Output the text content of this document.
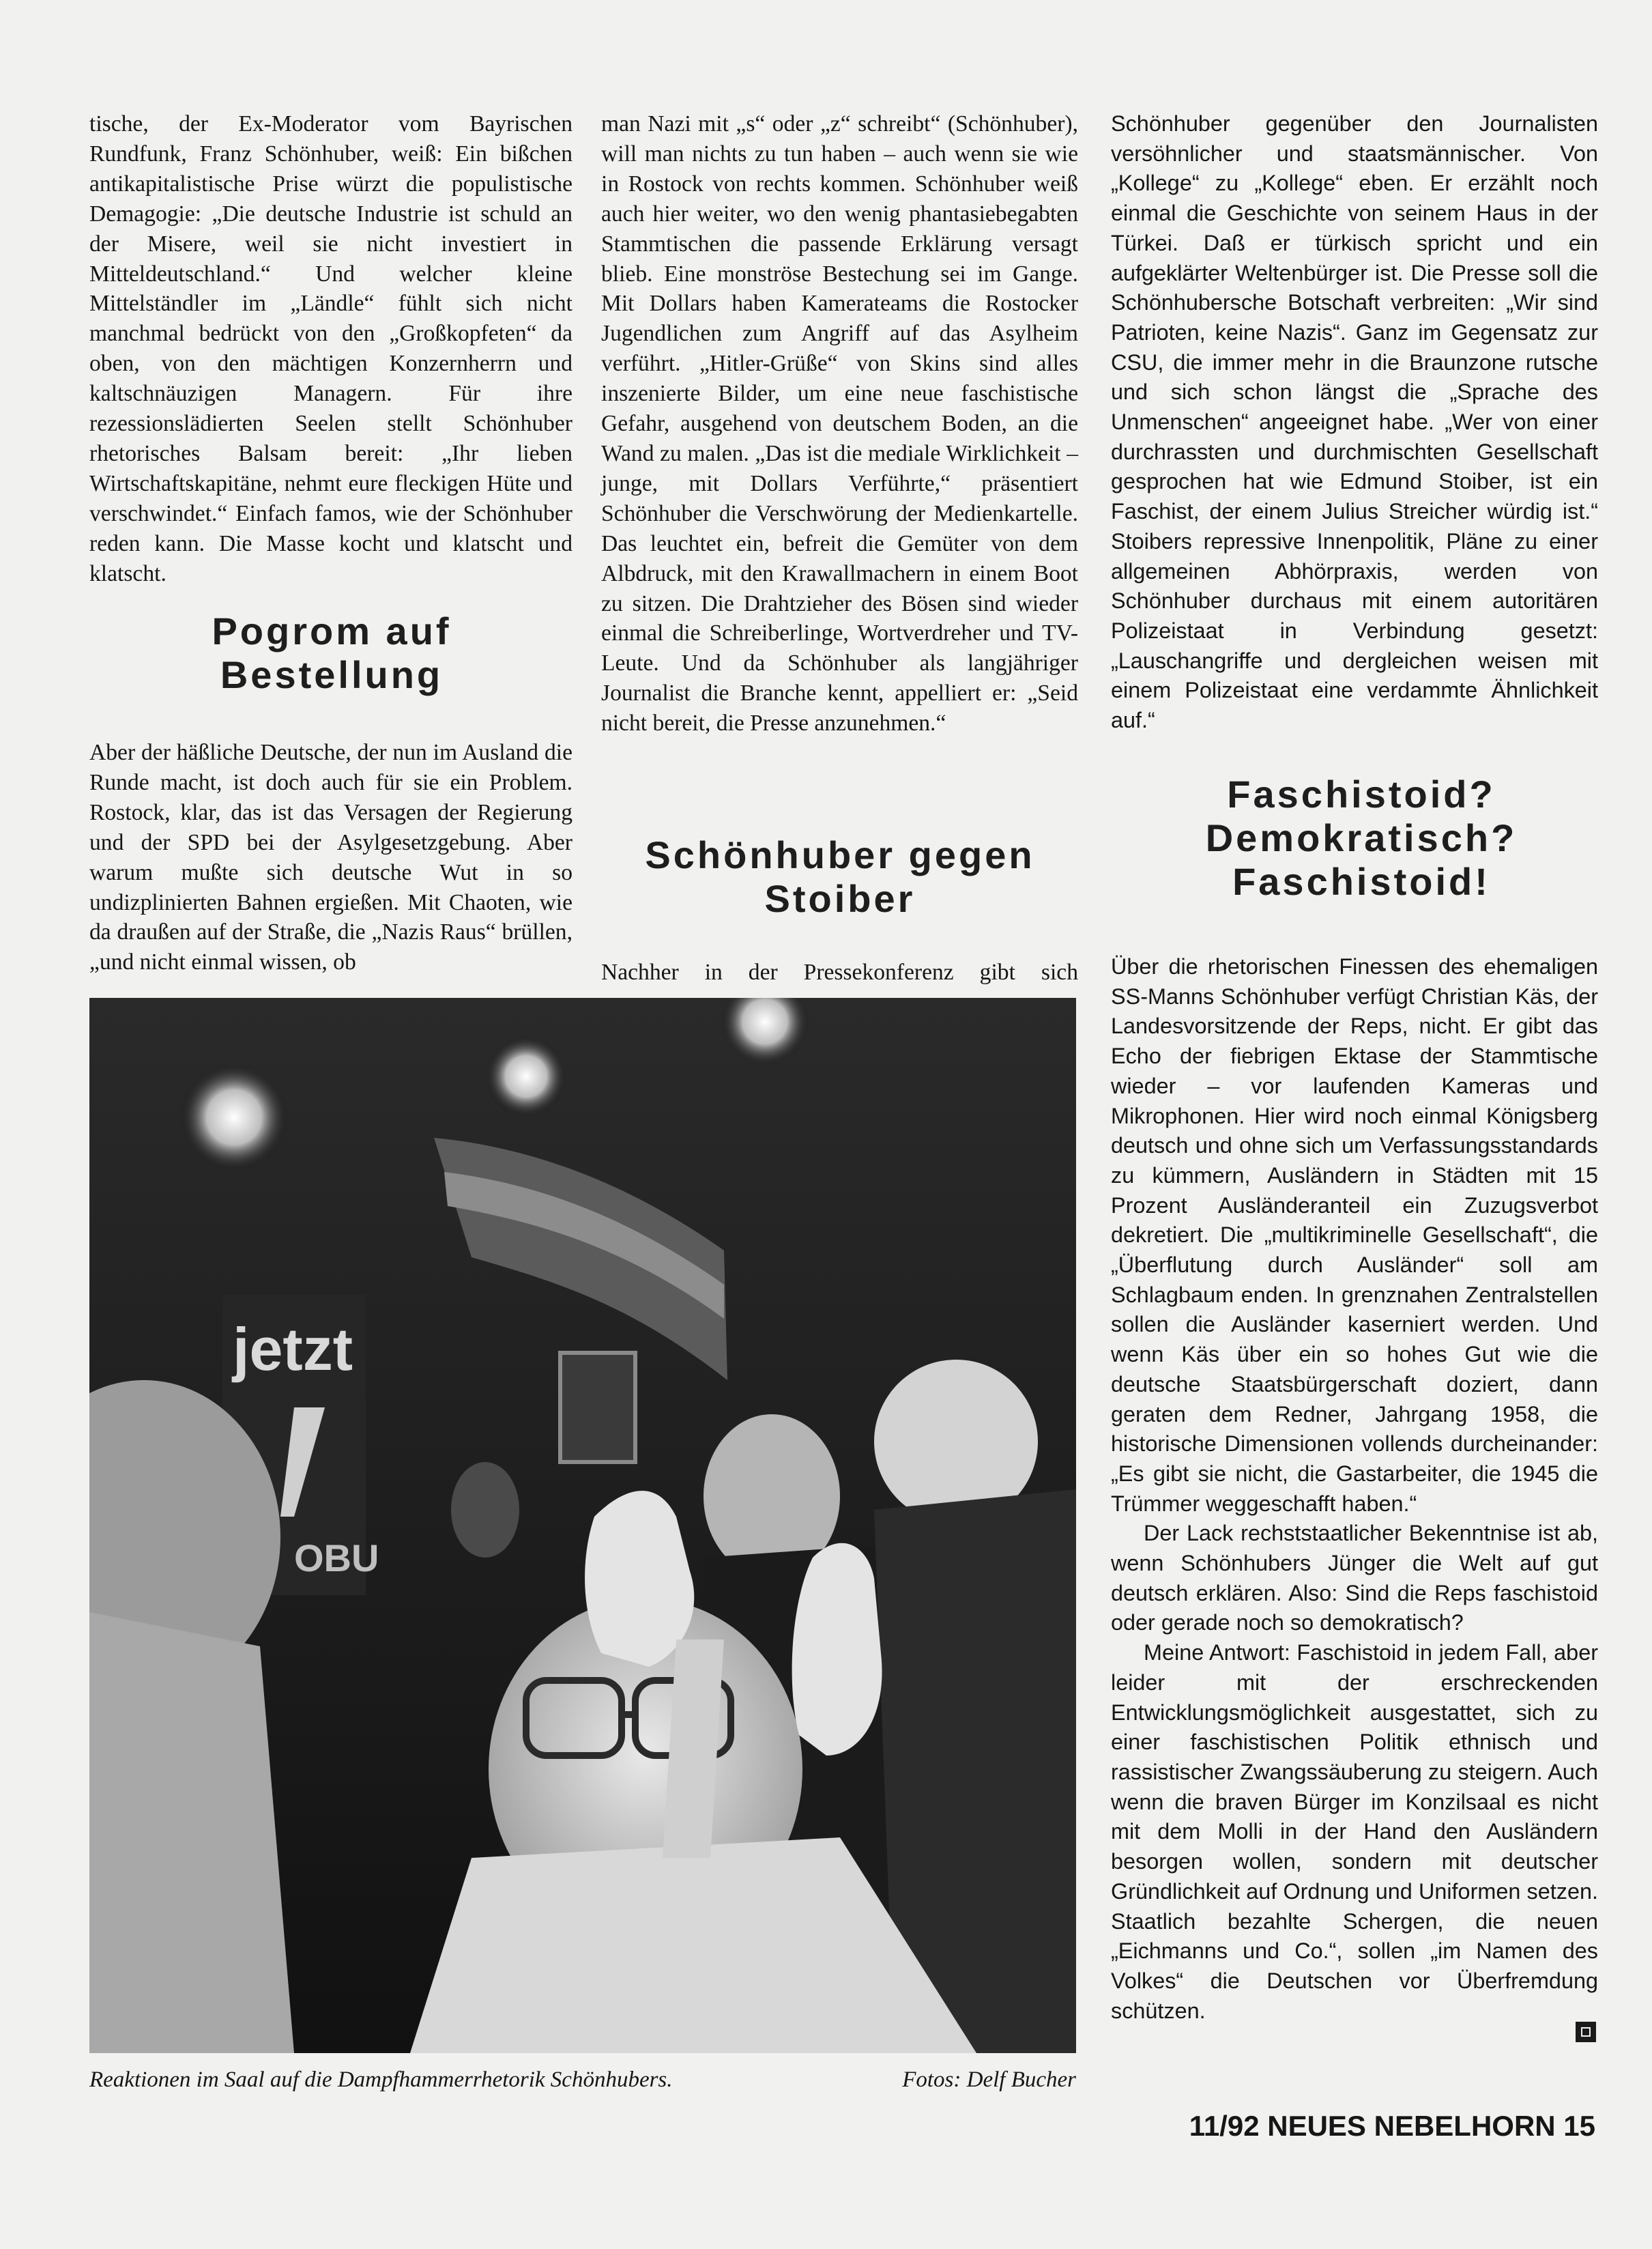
tische, der Ex-Moderator vom Bayrischen Rundfunk, Franz Schönhuber, weiß: Ein bißchen antikapitalistische Prise würzt die populistische Demagogie: „Die deutsche Industrie ist schuld an der Misere, weil sie nicht investiert in Mitteldeutschland.“ Und welcher kleine Mittelständler im „Ländle“ fühlt sich nicht manchmal bedrückt von den „Großkopfeten“ da oben, von den mächtigen Konzernherrn und kaltschnäuzigen Managern. Für ihre rezessionslädierten Seelen stellt Schönhuber rhetorisches Balsam bereit: „Ihr lieben Wirtschaftskapitäne, nehmt eure fleckigen Hüte und verschwindet.“ Einfach famos, wie der Schönhuber reden kann. Die Masse kocht und klatscht und klatscht.

Pogrom auf Bestellung

Aber der häßliche Deutsche, der nun im Ausland die Runde macht, ist doch auch für sie ein Problem. Rostock, klar, das ist das Versagen der Regierung und der SPD bei der Asylgesetzgebung. Aber warum mußte sich deutsche Wut in so undizplinierten Bahnen ergießen. Mit Chaoten, wie da draußen auf der Straße, die „Nazis Raus“ brüllen, „und nicht einmal wissen, ob

man Nazi mit „s“ oder „z“ schreibt“ (Schönhuber), will man nichts zu tun haben – auch wenn sie wie in Rostock von rechts kommen. Schönhuber weiß auch hier weiter, wo den wenig phantasiebegabten Stammtischen die passende Erklärung versagt blieb. Eine monströse Bestechung sei im Gange. Mit Dollars haben Kamerateams die Rostocker Jugendlichen zum Angriff auf das Asylheim verführt. „Hitler-Grüße“ von Skins sind alles inszenierte Bilder, um eine neue faschistische Gefahr, ausgehend von deutschem Boden, an die Wand zu malen. „Das ist die mediale Wirklichkeit – junge, mit Dollars Verführte,“ präsentiert Schönhuber die Verschwörung der Medienkartelle. Das leuchtet ein, befreit die Gemüter von dem Albdruck, mit den Krawallmachern in einem Boot zu sitzen. Die Drahtzieher des Bösen sind wieder einmal die Schreiberlinge, Wortverdreher und TV-Leute. Und da Schönhuber als langjähriger Journalist die Branche kennt, appelliert er: „Seid nicht bereit, die Presse anzunehmen.“

Schönhuber gegen Stoiber

Nachher in der Pressekonferenz gibt sich

Schönhuber gegenüber den Journalisten versöhnlicher und staatsmännischer. Von „Kollege“ zu „Kollege“ eben. Er erzählt noch einmal die Geschichte von seinem Haus in der Türkei. Daß er türkisch spricht und ein aufgeklärter Weltenbürger ist. Die Presse soll die Schönhubersche Botschaft verbreiten: „Wir sind Patrioten, keine Nazis“. Ganz im Gegensatz zur CSU, die immer mehr in die Braunzone rutsche und sich schon längst die „Sprache des Unmenschen“ angeeignet habe. „Wer von einer durchrassten und durchmischten Gesellschaft gesprochen hat wie Edmund Stoiber, ist ein Faschist, der einem Julius Streicher würdig ist.“ Stoibers repressive Innenpolitik, Pläne zu einer allgemeinen Abhörpraxis, werden von Schönhuber durchaus mit einem autoritären Polizeistaat in Verbindung gesetzt: „Lauschangriffe und dergleichen weisen mit einem Polizeistaat eine verdammte Ähnlichkeit auf.“

Faschistoid? Demokratisch? Faschistoid!

Über die rhetorischen Finessen des ehemaligen SS-Manns Schönhuber verfügt Christian Käs, der Landesvorsitzende der Reps, nicht. Er gibt das Echo der fiebrigen Ektase der Stammtische wieder – vor laufenden Kameras und Mikrophonen. Hier wird noch einmal Königsberg deutsch und ohne sich um Verfassungsstandards zu kümmern, Ausländern in Städten mit 15 Prozent Ausländeranteil ein Zuzugsverbot dekretiert. Die „multikriminelle Gesellschaft“, die „Überflutung durch Ausländer“ soll am Schlagbaum enden. In grenznahen Zentralstellen sollen die Ausländer kaserniert werden. Und wenn Käs über ein so hohes Gut wie die deutsche Staatsbürgerschaft doziert, dann geraten dem Redner, Jahrgang 1958, die historische Dimensionen vollends durcheinander: „Es gibt sie nicht, die Gastarbeiter, die 1945 die Trümmer weggeschafft haben.“

Der Lack rechststaatlicher Bekenntnise ist ab, wenn Schönhubers Jünger die Welt auf gut deutsch erklären. Also: Sind die Reps faschistoid oder gerade noch so demokratisch?

Meine Antwort: Faschistoid in jedem Fall, aber leider mit der erschreckenden Entwicklungsmöglichkeit ausgestattet, sich zu einer faschistischen Politik ethnisch und rassistischer Zwangssäuberung zu steigern. Auch wenn die braven Bürger im Konzilsaal es nicht mit dem Molli in der Hand den Ausländern besorgen wollen, sondern mit deutscher Gründlichkeit auf Ordnung und Uniformen setzen. Staatlich bezahlte Schergen, die neuen „Eichmanns und Co.“, sollen „im Namen des Volkes“ die Deutschen vor Überfremdung schützen.

jetzt
OBU

Reaktionen im Saal auf die Dampfhammerrhetorik Schönhubers.	Fotos: Delf Bucher

11/92 NEUES NEBELHORN 15
